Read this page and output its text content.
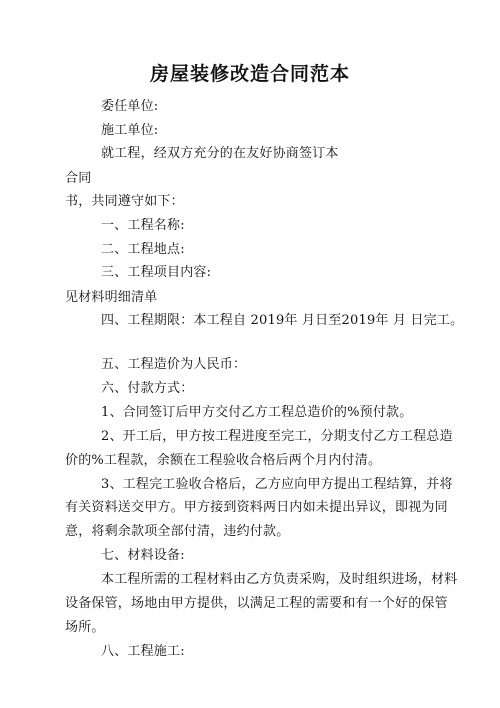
房屋装修改造合同范本
委任单位:
施工单位:
就工程，经双方充分的在友好协商签订本
合同
书，共同遵守如下：
一、工程名称:
二、工程地点:
三、工程项目内容:
见材料明细清单
四、工程期限：本工程自 2019年 月日至2019年 月 日完工。
五、工程造价为人民币：
六、付款方式：
1、合同签订后甲方交付乙方工程总造价的%预付款。
2、开工后，甲方按工程进度至完工，分期支付乙方工程总造
价的%工程款，余额在工程验收合格后两个月内付清。
3、工程完工验收合格后，乙方应向甲方提出工程结算，并将
有关资料送交甲方。甲方接到资料两日内如未提出异议，即视为同
意，将剩余款项全部付清，违约付款。
七、材料设备:
本工程所需的工程材料由乙方负责采购，及时组织进场，材料
设备保管，场地由甲方提供，以满足工程的需要和有一个好的保管
场所。
八、工程施工:
